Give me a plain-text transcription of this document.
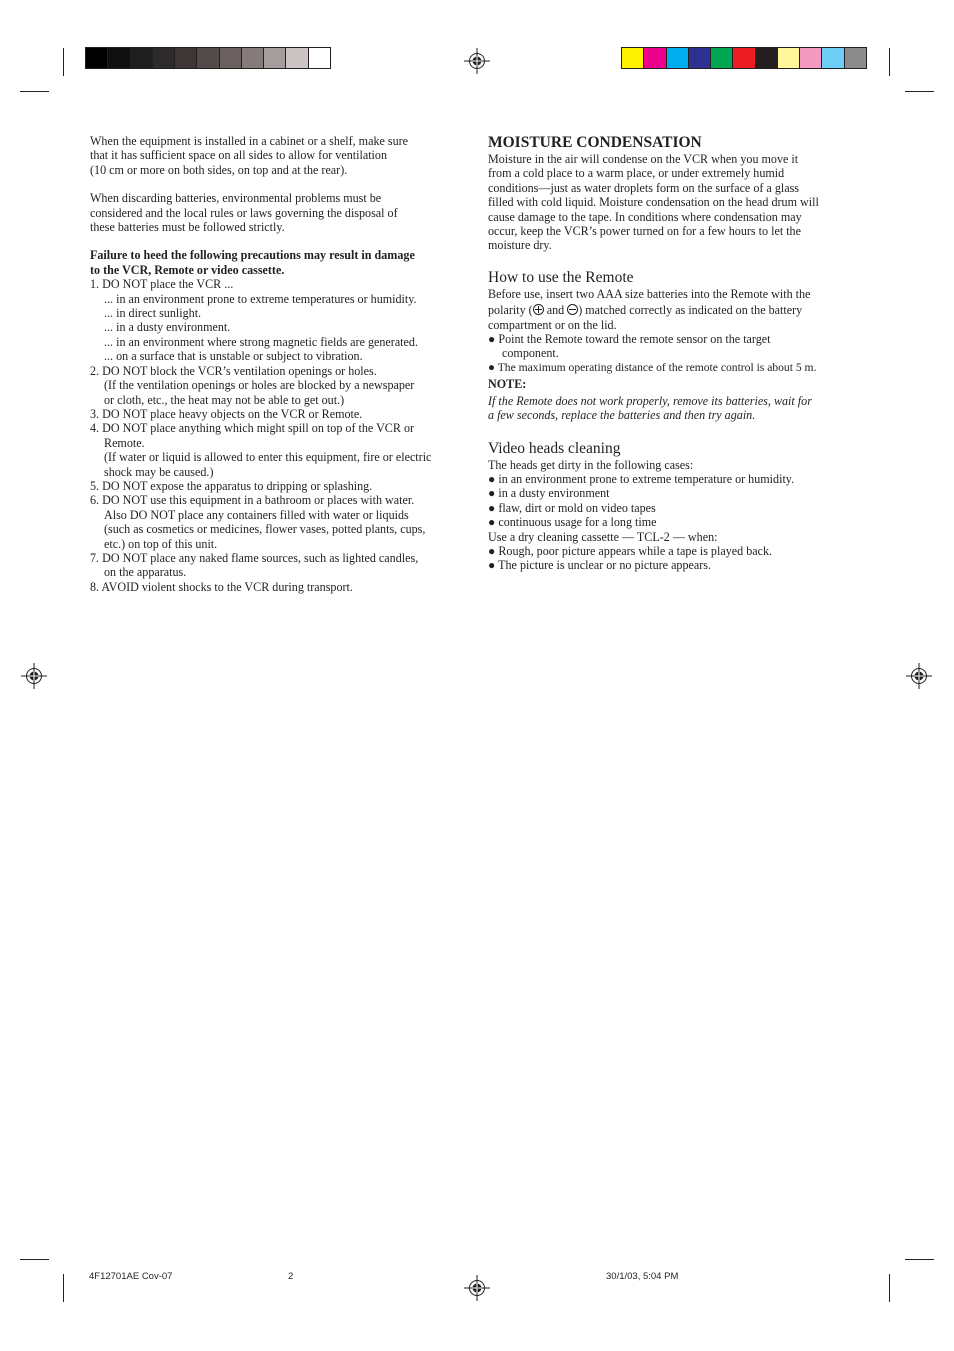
When the equipment is installed in a cabinet or a shelf, make sure

that it has sufficient space on all sides to allow for ventilation

(10 cm or more on both sides, on top and at the rear).

When discarding batteries, environmental problems must be

considered and the local rules or laws governing the disposal of

these batteries must be followed strictly.

Failure to heed the following precautions may result in damage

to the VCR, Remote or video cassette.

1. DO NOT place the VCR ...

... in an environment prone to extreme temperatures or humidity.

... in direct sunlight.

... in a dusty environment.

... in an environment where strong magnetic fields are generated.

... on a surface that is unstable or subject to vibration.

2. DO NOT block the VCR’s ventilation openings or holes.

(If the ventilation openings or holes are blocked by a newspaper

or cloth, etc., the heat may not be able to get out.)

3. DO NOT place heavy objects on the VCR or Remote.

4. DO NOT place anything which might spill on top of the VCR or

Remote.

(If water or liquid is allowed to enter this equipment, fire or electric

shock may be caused.)

5. DO NOT expose the apparatus to dripping or splashing.

6. DO NOT use this equipment in a bathroom or places with water.

Also DO NOT place any containers filled with water or liquids

(such as cosmetics or medicines, flower vases, potted plants, cups,

etc.) on top of this unit.

7. DO NOT place any naked flame sources, such as lighted candles,

on the apparatus.

8. AVOID violent shocks to the VCR during transport.

MOISTURE CONDENSATION

Moisture in the air will condense on the VCR when you move it

from a cold place to a warm place, or under extremely humid

conditions—just as water droplets form on the surface of a glass

filled with cold liquid. Moisture condensation on the head drum will

cause damage to the tape. In conditions where condensation may

occur, keep the VCR’s power turned on for a few hours to let the

moisture dry.

How to use the Remote

Before use, insert two AAA size batteries into the Remote with the

polarity (
and
) matched correctly as indicated on the battery

compartment or on the lid.

● Point the Remote toward the remote sensor on the target

component.

● The maximum operating distance of the remote control is about 5 m.

NOTE:

If the Remote does not work properly, remove its batteries, wait for

a few seconds, replace the batteries and then try again.

Video heads cleaning

The heads get dirty in the following cases:

● in an environment prone to extreme temperature or humidity.

● in a dusty environment

● flaw, dirt or mold on video tapes

● continuous usage for a long time

Use a dry cleaning cassette — TCL-2 — when:

● Rough, poor picture appears while a tape is played back.

● The picture is unclear or no picture appears.

4F12701AE Cov-07	2	30/1/03, 5:04 PM
